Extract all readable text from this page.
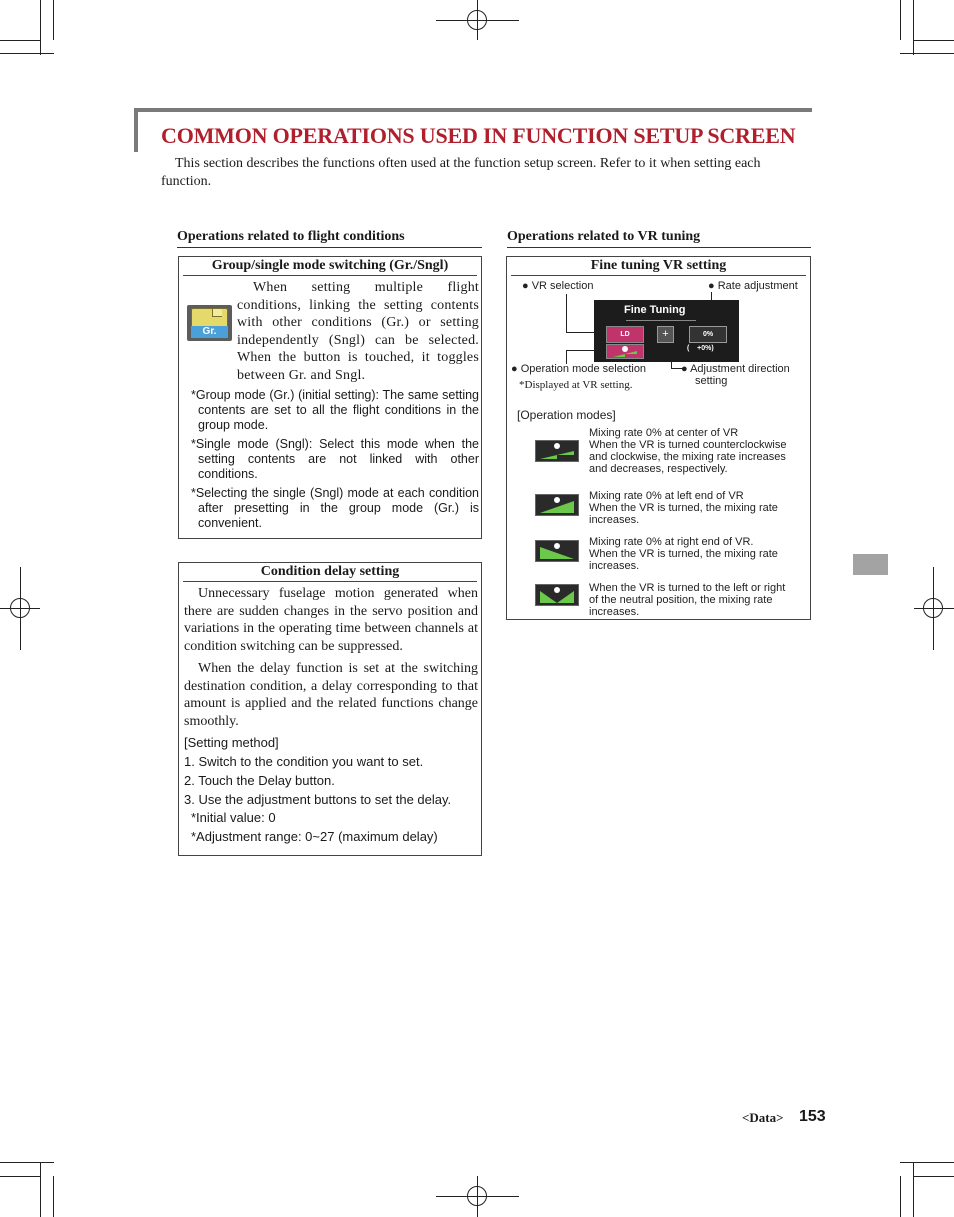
COMMON OPERATIONS USED IN FUNCTION SETUP SCREEN
This section describes the functions often used at the function setup screen. Refer to it when setting each function.
Operations related to flight conditions
Group/single mode switching (Gr./Sngl)
Gr.
When setting multiple flight conditions, linking the setting contents with other conditions (Gr.) or setting independently (Sngl) can be selected. When the button is touched, it toggles between Gr. and Sngl.
*Group mode (Gr.) (initial setting): The same setting contents are set to all the flight conditions in the group mode.
*Single mode (Sngl): Select this mode when the setting contents are not linked with other conditions.
*Selecting the single (Sngl) mode at each condition after presetting in the group mode (Gr.) is convenient.
Condition delay setting
Unnecessary fuselage motion generated when there are sudden changes in the servo position and variations in the operating time between channels at condition switching can be suppressed.
When the delay function is set at the switching destination condition, a delay corresponding to that amount is applied and the related functions change smoothly.
[Setting method]
1. Switch to the condition you want to set.
2. Touch the Delay button.
3. Use the adjustment buttons to set the delay.
*Initial value: 0
*Adjustment range: 0~27 (maximum delay)
Operations related to VR tuning
Fine tuning VR setting
● VR selection	● Rate adjustment
Fine Tuning
LD	+	0%
(    +0%)
● Operation mode selection	● Adjustment direction
setting
*Displayed at VR setting.
[Operation modes]
Mixing rate 0% at center of VR
When the VR is turned counterclockwise
and clockwise, the mixing rate increases
and decreases, respectively.
Mixing rate 0% at left end of VR
When the VR is turned, the mixing rate
increases.
Mixing rate 0% at right end of VR.
When the VR is turned, the mixing rate
increases.
When the VR is turned to the left or right
of the neutral position, the mixing rate
increases.
<Data> 153
